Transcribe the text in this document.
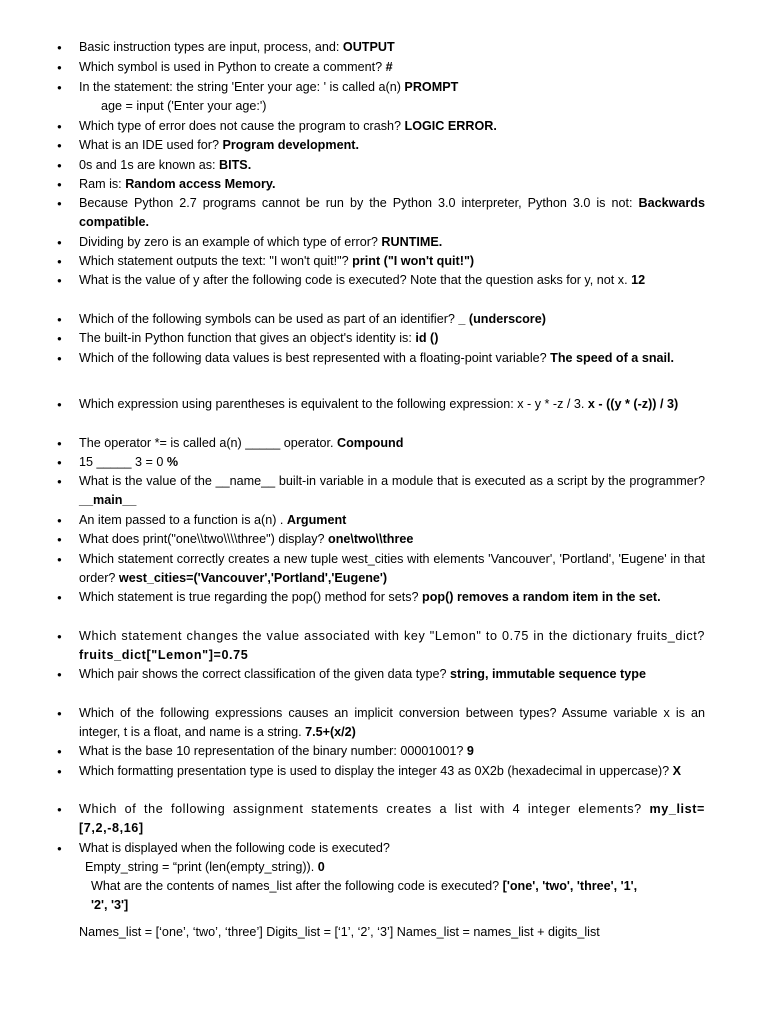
● Basic instruction types are input, process, and: OUTPUT
● Which symbol is used in Python to create a comment? #
● In the statement: the string 'Enter your age: ' is called a(n) PROMPT
age = input ('Enter your age:')
● Which type of error does not cause the program to crash? LOGIC ERROR.
● What is an IDE used for? Program development.
● 0s and 1s are known as: BITS.
● Ram is: Random access Memory.
● Because Python 2.7 programs cannot be run by the Python 3.0 interpreter, Python 3.0 is not: Backwards compatible.
● Dividing by zero is an example of which type of error? RUNTIME.
● Which statement outputs the text: "I won't quit!"? print ("I won't quit!")
● What is the value of y after the following code is executed? Note that the question asks for y, not x. 12
● Which of the following symbols can be used as part of an identifier? _ (underscore)
● The built-in Python function that gives an object's identity is: id ()
● Which of the following data values is best represented with a floating-point variable? The speed of a snail.
● Which expression using parentheses is equivalent to the following expression: x - y * -z / 3. x - ((y * (-z)) / 3)
● The operator *= is called a(n) _____ operator. Compound
● 15 _____ 3 = 0 %
● What is the value of the __name__ built-in variable in a module that is executed as a script by the programmer? __main__
● An item passed to a function is a(n) . Argument
● What does print("one\\two\\\\three") display? one\two\\three
● Which statement correctly creates a new tuple west_cities with elements 'Vancouver', 'Portland', 'Eugene' in that order? west_cities=('Vancouver','Portland','Eugene')
● Which statement is true regarding the pop() method for sets? pop() removes a random item in the set.
● Which statement changes the value associated with key "Lemon" to 0.75 in the dictionary fruits_dict? fruits_dict["Lemon"]=0.75
● Which pair shows the correct classification of the given data type? string, immutable sequence type
● Which of the following expressions causes an implicit conversion between types? Assume variable x is an integer, t is a float, and name is a string. 7.5+(x/2)
● What is the base 10 representation of the binary number: 00001001? 9
● Which formatting presentation type is used to display the integer 43 as 0X2b (hexadecimal in uppercase)? X
● Which of the following assignment statements creates a list with 4 integer elements? my_list=[7,2,-8,16]
● What is displayed when the following code is executed?
Empty_string = “print (len(empty_string)). 0
What are the contents of names_list after the following code is executed? ['one', 'two', 'three', '1', '2', '3']
Names_list = [‘one’, ‘two’, ‘three’] Digits_list = [‘1’, ‘2’, ‘3’] Names_list = names_list + digits_list
